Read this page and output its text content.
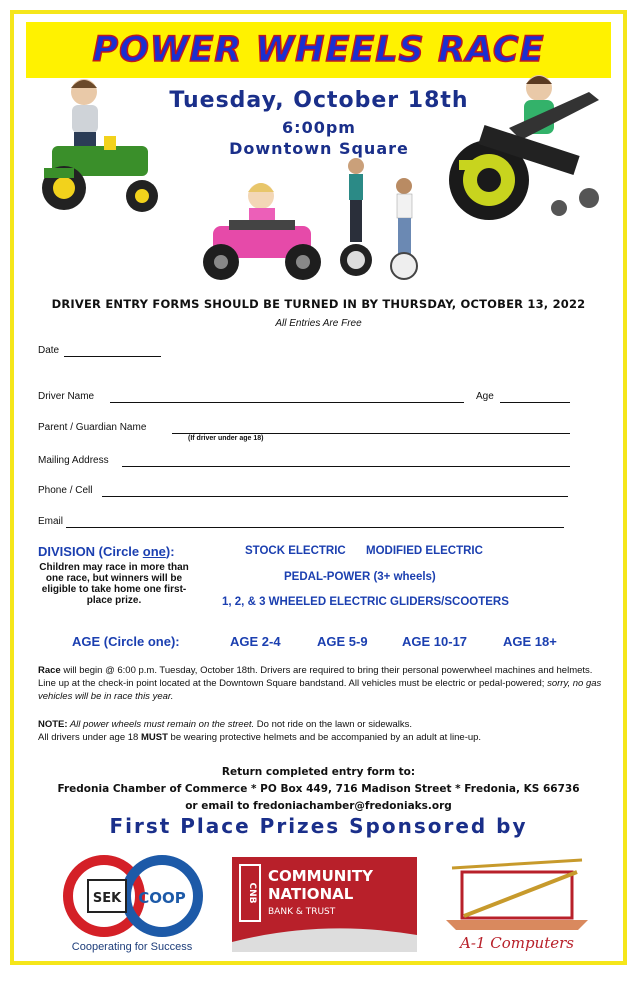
POWER WHEELS RACE
Tuesday, October 18th
6:00pm
Downtown Square
DRIVER ENTRY FORMS SHOULD BE TURNED IN BY THURSDAY, OCTOBER 13, 2022
All Entries Are Free
Date
Driver Name	Age
Parent / Guardian Name
(If driver under age 18)
Mailing Address
Phone / Cell
Email
DIVISION (Circle one):
Children may race in more than one race, but winners will be eligible to take home one first-place prize.
STOCK ELECTRIC MODIFIED ELECTRIC
PEDAL-POWER (3+ wheels)
1, 2, & 3 WHEELED ELECTRIC GLIDERS/SCOOTERS
AGE (Circle one):	AGE 2-4	AGE 5-9	AGE 10-17	AGE 18+
Race will begin @ 6:00 p.m. Tuesday, October 18th. Drivers are required to bring their personal powerwheel machines and helmets. Line up at the check-in point located at the Downtown Square bandstand. All vehicles must be electric or pedal-powered; sorry, no gas vehicles will be in race this year.
NOTE: All power wheels must remain on the street. Do not ride on the lawn or sidewalks.
All drivers under age 18 MUST be wearing protective helmets and be accompanied by an adult at line-up.
Return completed entry form to:
Fredonia Chamber of Commerce * PO Box 449, 716 Madison Street * Fredonia, KS 66736
or email to fredoniachamber@fredoniaks.org
First Place Prizes Sponsored by
SEK COOP
Cooperating for Success
CNB
COMMUNITY
NATIONAL
BANK & TRUST
A-1 Computers
